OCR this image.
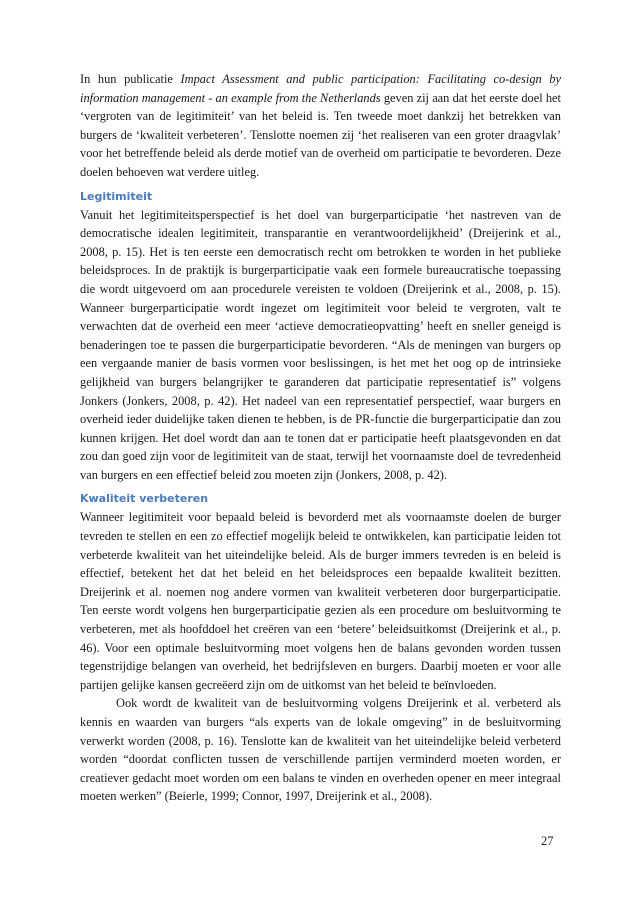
In hun publicatie Impact Assessment and public participation: Facilitating co-design by information management - an example from the Netherlands geven zij aan dat het eerste doel het ‘vergroten van de legitimiteit’ van het beleid is. Ten tweede moet dankzij het betrekken van burgers de ‘kwaliteit verbeteren’. Tenslotte noemen zij ‘het realiseren van een groter draagvlak’ voor het betreffende beleid als derde motief van de overheid om participatie te bevorderen. Deze doelen behoeven wat verdere uitleg.

Legitimiteit

Vanuit het legitimiteitsperspectief is het doel van burgerparticipatie ‘het nastreven van de democratische idealen legitimiteit, transparantie en verantwoordelijkheid’ (Dreijerink et al., 2008, p. 15). Het is ten eerste een democratisch recht om betrokken te worden in het publieke beleidsproces. In de praktijk is burgerparticipatie vaak een formele bureaucratische toepassing die wordt uitgevoerd om aan procedurele vereisten te voldoen (Dreijerink et al., 2008, p. 15). Wanneer burgerparticipatie wordt ingezet om legitimiteit voor beleid te vergroten, valt te verwachten dat de overheid een meer ‘actieve democratieopvatting’ heeft en sneller geneigd is benaderingen toe te passen die burgerparticipatie bevorderen. “Als de meningen van burgers op een vergaande manier de basis vormen voor beslissingen, is het met het oog op de intrinsieke gelijkheid van burgers belangrijker te garanderen dat participatie representatief is” volgens Jonkers (Jonkers, 2008, p. 42). Het nadeel van een representatief perspectief, waar burgers en overheid ieder duidelijke taken dienen te hebben, is de PR-functie die burgerparticipatie dan zou kunnen krijgen. Het doel wordt dan aan te tonen dat er participatie heeft plaatsgevonden en dat zou dan goed zijn voor de legitimiteit van de staat, terwijl het voornaamste doel de tevredenheid van burgers en een effectief beleid zou moeten zijn (Jonkers, 2008, p. 42).

Kwaliteit verbeteren

Wanneer legitimiteit voor bepaald beleid is bevorderd met als voornaamste doelen de burger tevreden te stellen en een zo effectief mogelijk beleid te ontwikkelen, kan participatie leiden tot verbeterde kwaliteit van het uiteindelijke beleid. Als de burger immers tevreden is en beleid is effectief, betekent het dat het beleid en het beleidsproces een bepaalde kwaliteit bezitten. Dreijerink et al. noemen nog andere vormen van kwaliteit verbeteren door burgerparticipatie. Ten eerste wordt volgens hen burgerparticipatie gezien als een procedure om besluitvorming te verbeteren, met als hoofddoel het creëren van een ‘betere’ beleidsuitkomst (Dreijerink et al., p. 46). Voor een optimale besluitvorming moet volgens hen de balans gevonden worden tussen tegenstrijdige belangen van overheid, het bedrijfsleven en burgers. Daarbij moeten er voor alle partijen gelijke kansen gecreëerd zijn om de uitkomst van het beleid te beïnvloeden.

Ook wordt de kwaliteit van de besluitvorming volgens Dreijerink et al. verbeterd als kennis en waarden van burgers “als experts van de lokale omgeving” in de besluitvorming verwerkt worden (2008, p. 16). Tenslotte kan de kwaliteit van het uiteindelijke beleid verbeterd worden “doordat conflicten tussen de verschillende partijen verminderd moeten worden, er creatiever gedacht moet worden om een balans te vinden en overheden opener en meer integraal moeten werken” (Beierle, 1999; Connor, 1997, Dreijerink et al., 2008).

27
